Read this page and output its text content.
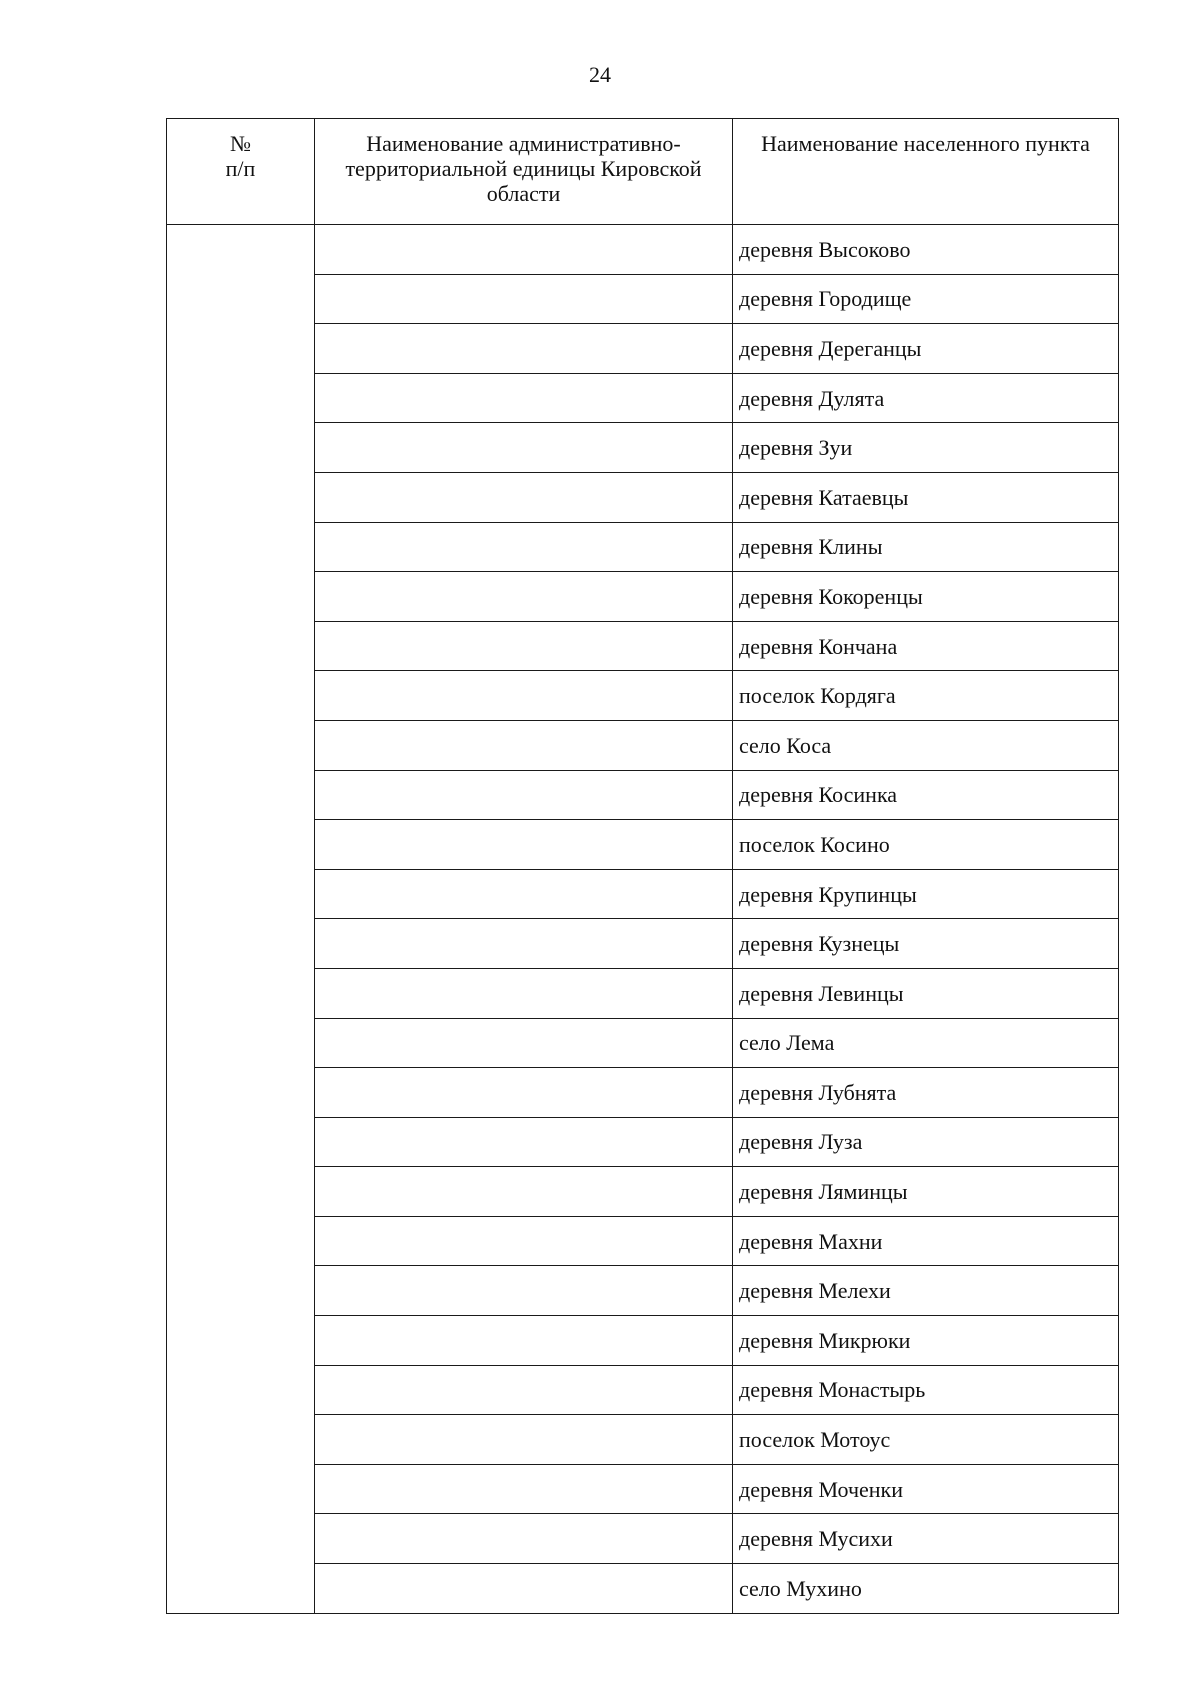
24
№
п/п	Наименование административно-территориальной единицы Кировской области	Наименование населенного пункта
		деревня Высоково
		деревня Городище
		деревня Дереганцы
		деревня Дулята
		деревня Зуи
		деревня Катаевцы
		деревня Клины
		деревня Кокоренцы
		деревня Кончана
		поселок Кордяга
		село Коса
		деревня Косинка
		поселок Косино
		деревня Крупинцы
		деревня Кузнецы
		деревня Левинцы
		село Лема
		деревня Лубнята
		деревня Луза
		деревня Ляминцы
		деревня Махни
		деревня Мелехи
		деревня Микрюки
		деревня Монастырь
		поселок Мотоус
		деревня Моченки
		деревня Мусихи
		село Мухино
